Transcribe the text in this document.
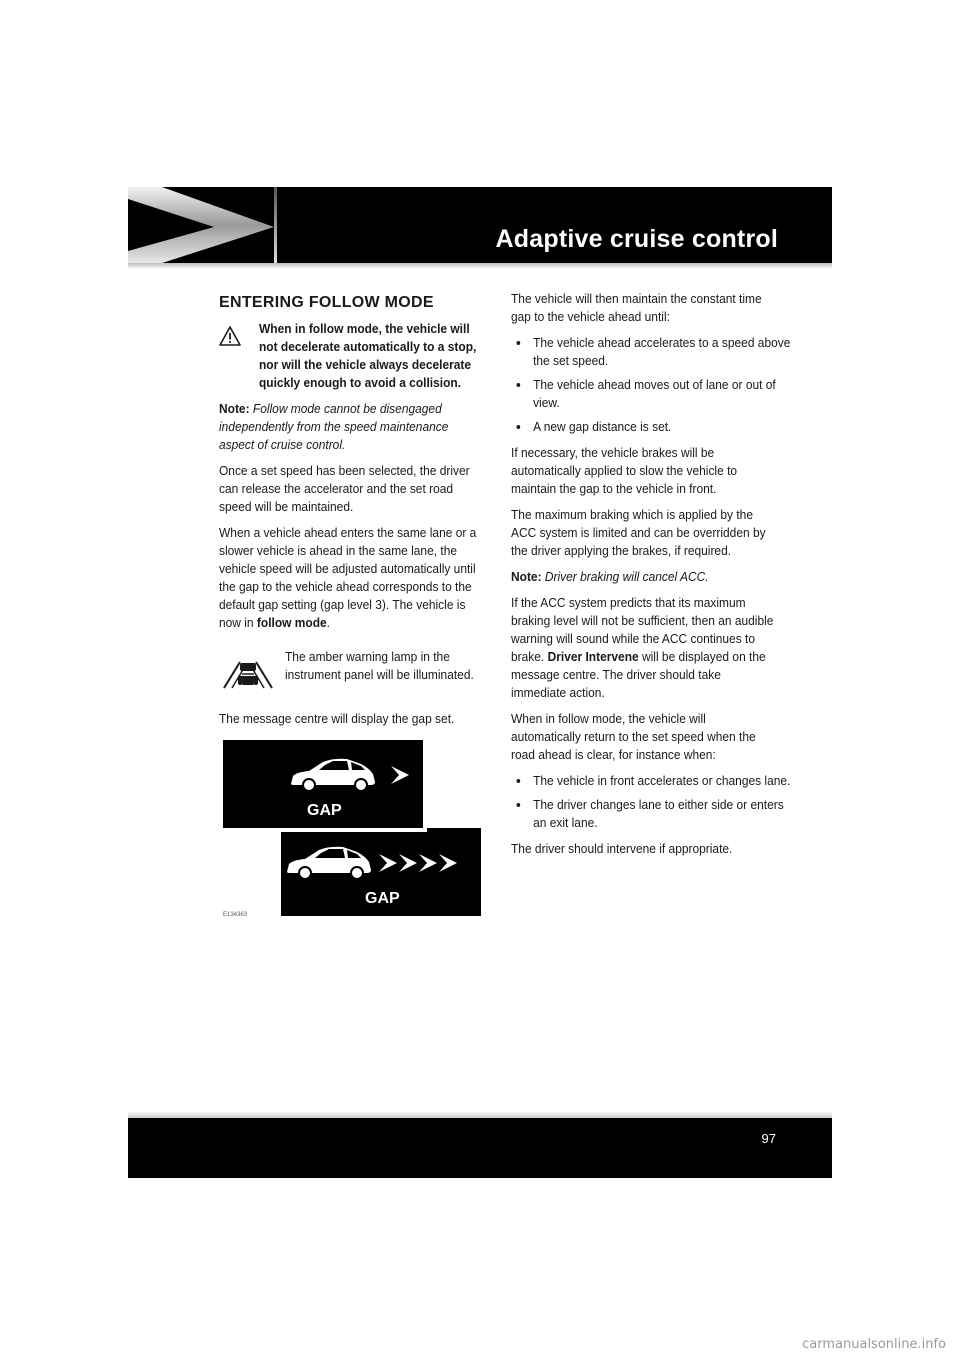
Adaptive cruise control
ENTERING FOLLOW MODE

When in follow mode, the vehicle will not decelerate automatically to a stop, nor will the vehicle always decelerate quickly enough to avoid a collision.

Note: Follow mode cannot be disengaged independently from the speed maintenance aspect of cruise control.

Once a set speed has been selected, the driver can release the accelerator and the set road speed will be maintained.

When a vehicle ahead enters the same lane or a slower vehicle is ahead in the same lane, the vehicle speed will be adjusted automatically until the gap to the vehicle ahead corresponds to the default gap setting (gap level 3). The vehicle is now in follow mode.

The amber warning lamp in the instrument panel will be illuminated.

The message centre will display the gap set.

GAP
GAP
E134363

The vehicle will then maintain the constant time gap to the vehicle ahead until:

The vehicle ahead accelerates to a speed above the set speed.
The vehicle ahead moves out of lane or out of view.
A new gap distance is set.

If necessary, the vehicle brakes will be automatically applied to slow the vehicle to maintain the gap to the vehicle in front.

The maximum braking which is applied by the ACC system is limited and can be overridden by the driver applying the brakes, if required.

Note: Driver braking will cancel ACC.

If the ACC system predicts that its maximum braking level will not be sufficient, then an audible warning will sound while the ACC continues to brake. Driver Intervene will be displayed on the message centre. The driver should take immediate action.

When in follow mode, the vehicle will automatically return to the set speed when the road ahead is clear, for instance when:

The vehicle in front accelerates or changes lane.
The driver changes lane to either side or enters an exit lane.

The driver should intervene if appropriate.

97
carmanualsonline.info
